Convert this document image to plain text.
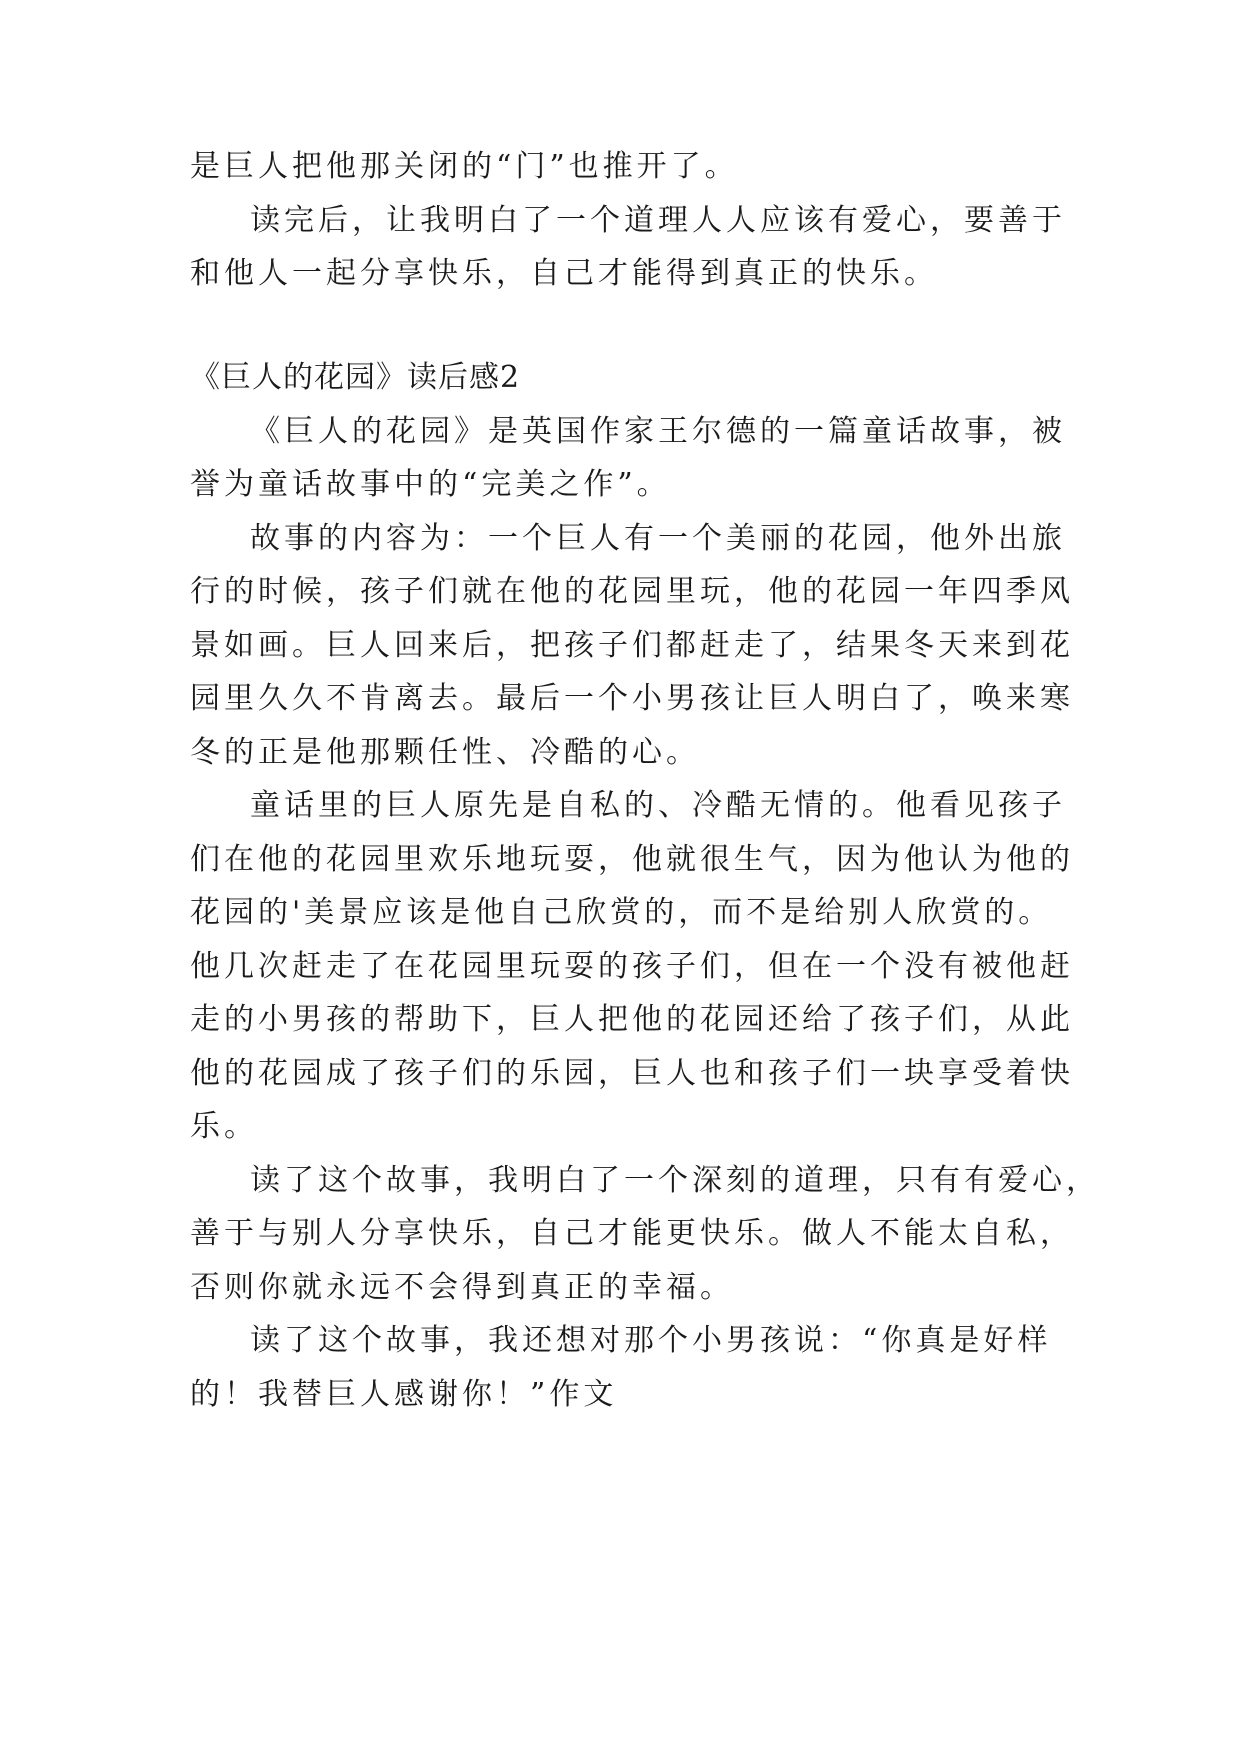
是巨人把他那关闭的“门”也推开了。
读完后，让我明白了一个道理人人应该有爱心，要善于
和他人一起分享快乐，自己才能得到真正的快乐。
《巨人的花园》读后感2
《巨人的花园》是英国作家王尔德的一篇童话故事，被
誉为童话故事中的“完美之作”。
故事的内容为：一个巨人有一个美丽的花园，他外出旅
行的时候，孩子们就在他的花园里玩，他的花园一年四季风
景如画。巨人回来后，把孩子们都赶走了，结果冬天来到花
园里久久不肯离去。最后一个小男孩让巨人明白了，唤来寒
冬的正是他那颗任性、冷酷的心。
童话里的巨人原先是自私的、冷酷无情的。他看见孩子
们在他的花园里欢乐地玩耍，他就很生气，因为他认为他的
花园的'美景应该是他自己欣赏的，而不是给别人欣赏的。
他几次赶走了在花园里玩耍的孩子们，但在一个没有被他赶
走的小男孩的帮助下，巨人把他的花园还给了孩子们，从此
他的花园成了孩子们的乐园，巨人也和孩子们一块享受着快
乐。
读了这个故事，我明白了一个深刻的道理，只有有爱心，
善于与别人分享快乐，自己才能更快乐。做人不能太自私，
否则你就永远不会得到真正的幸福。
读了这个故事，我还想对那个小男孩说：“你真是好样
的！我替巨人感谢你！”作文
